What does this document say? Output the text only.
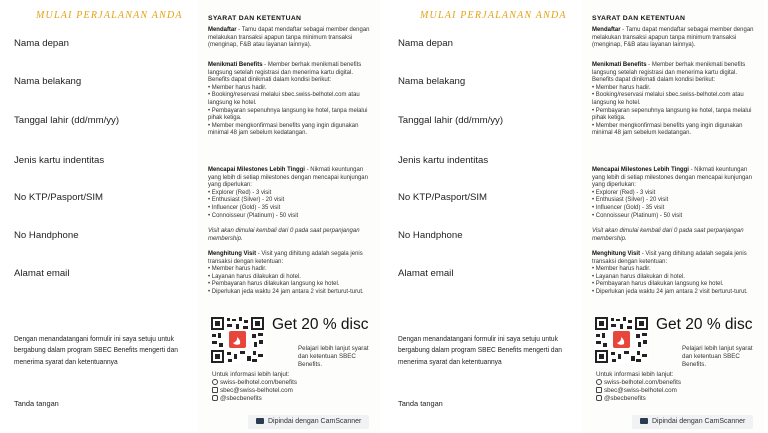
MULAI PERJALANAN ANDA
Nama depan
Nama belakang
Tanggal lahir (dd/mm/yy)
Jenis kartu indentitas
No KTP/Pasport/SIM
No Handphone
Alamat email
Dengan menandatangani formulir ini saya setuju untuk bergabung dalam program SBEC Benefits mengerti dan menerima syarat dan ketentuannya
Tanda tangan
SYARAT DAN KETENTUAN
Mendaftar - Tamu dapat mendaftar sebagai member dengan melakukan transaksi apapun tanpa minimum transaksi (menginap, F&B atau layanan lainnya).
Menikmati Benefits - Member berhak menikmati benefits langsung setelah registrasi dan menerima kartu digital. Benefits dapat dinikmati dalam kondisi berikut:
• Member harus hadir.
• Booking/reservasi melalui sbec.swiss-belhotel.com atau langsung ke hotel.
• Pembayaran sepenuhnya langsung ke hotel, tanpa melalui pihak ketiga.
• Member mengkonfirmasi benefits yang ingin digunakan minimal 48 jam sebelum kedatangan.
Mencapai Milestones Lebih Tinggi - Nikmati keuntungan yang lebih di setiap milestones dengan mencapai kunjungan yang diperlukan:
• Explorer (Red) - 3 visit
• Enthusiast (Silver) - 20 visit
• Influencer (Gold) - 35 visit
• Connoisseur (Platinum) - 50 visit
Visit akan dimulai kembali dari 0 pada saat perpanjangan membership.
Menghitung Visit - Visit yang dihitung adalah segala jenis transaksi dengan ketentuan:
• Member harus hadir.
• Layanan harus dilakukan di hotel.
• Pembayaran harus dilakukan langsung ke hotel.
• Diperlukan jeda waktu 24 jam antara 2 visit berturut-turut.
Get 20 % disc
Pelajari lebih lanjut syarat dan ketentuan SBEC Benefits.
Untuk informasi lebih lanjut:
swiss-belhotel.com/benefits
sbec@swiss-belhotel.com
@sbecbenefits
Dipindai dengan CamScanner
MULAI PERJALANAN ANDA
Nama depan
Nama belakang
Tanggal lahir (dd/mm/yy)
Jenis kartu indentitas
No KTP/Pasport/SIM
No Handphone
Alamat email
Dengan menandatangani formulir ini saya setuju untuk bergabung dalam program SBEC Benefits mengerti dan menerima syarat dan ketentuannya
Tanda tangan
SYARAT DAN KETENTUAN
Mendaftar - Tamu dapat mendaftar sebagai member dengan melakukan transaksi apapun tanpa minimum transaksi (menginap, F&B atau layanan lainnya).
Menikmati Benefits - Member berhak menikmati benefits langsung setelah registrasi dan menerima kartu digital. Benefits dapat dinikmati dalam kondisi berikut:
• Member harus hadir.
• Booking/reservasi melalui sbec.swiss-belhotel.com atau langsung ke hotel.
• Pembayaran sepenuhnya langsung ke hotel, tanpa melalui pihak ketiga.
• Member mengkonfirmasi benefits yang ingin digunakan minimal 48 jam sebelum kedatangan.
Mencapai Milestones Lebih Tinggi - Nikmati keuntungan yang lebih di setiap milestones dengan mencapai kunjungan yang diperlukan:
• Explorer (Red) - 3 visit
• Enthusiast (Silver) - 20 visit
• Influencer (Gold) - 35 visit
• Connoisseur (Platinum) - 50 visit
Visit akan dimulai kembali dari 0 pada saat perpanjangan membership.
Menghitung Visit - Visit yang dihitung adalah segala jenis transaksi dengan ketentuan:
• Member harus hadir.
• Layanan harus dilakukan di hotel.
• Pembayaran harus dilakukan langsung ke hotel.
• Diperlukan jeda waktu 24 jam antara 2 visit berturut-turut.
Get 20 % disc
Pelajari lebih lanjut syarat dan ketentuan SBEC Benefits.
Untuk informasi lebih lanjut:
swiss-belhotel.com/benefits
sbec@swiss-belhotel.com
@sbecbenefits
Dipindai dengan CamScanner
